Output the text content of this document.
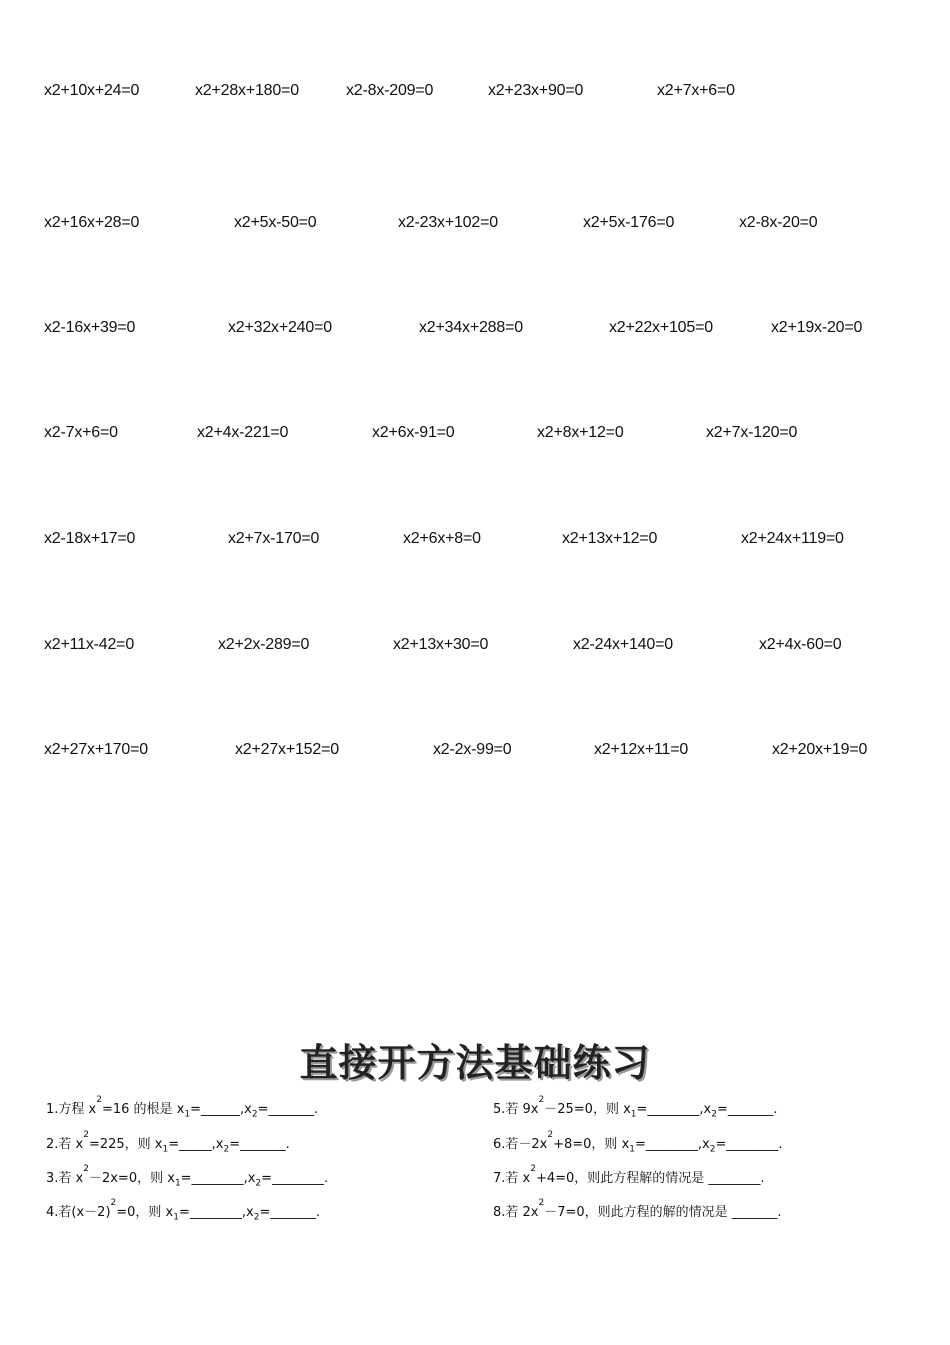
x2+10x+24=0	x2+28x+180=0	x2-8x-209=0	x2+23x+90=0	x2+7x+6=0
x2+16x+28=0	x2+5x-50=0	x2-23x+102=0	x2+5x-176=0	x2-8x-20=0
x2-16x+39=0	x2+32x+240=0	x2+34x+288=0	x2+22x+105=0	x2+19x-20=0
x2-7x+6=0	x2+4x-221=0	x2+6x-91=0	x2+8x+12=0	x2+7x-120=0
x2-18x+17=0	x2+7x-170=0	x2+6x+8=0	x2+13x+12=0	x2+24x+119=0
x2+11x-42=0	x2+2x-289=0	x2+13x+30=0	x2-24x+140=0	x2+4x-60=0
x2+27x+170=0	x2+27x+152=0	x2-2x-99=0	x2+12x+11=0	x2+20x+19=0
直接开方法基础练习
1.方程 $x^2=16$ 的根是 $x_1=\_\_\_\_\_\_,x_2=\_\_\_\_\_\_\_$.
2.若 $x^2=225$，则 $x_1=\_\_\_\_\_,x_2=\_\_\_\_\_\_\_$.
3.若 $x^2-2x=0$，则 $x_1=\_\_\_\_\_\_\_\_,x_2=\_\_\_\_\_\_\_\_$.
4.若$(x-2)^2=0$，则 $x_1=\_\_\_\_\_\_\_\_,x_2=\_\_\_\_\_\_\_$.
5.若 $9x^2-25=0$，则 $x_1=\_\_\_\_\_\_\_\_,x_2=\_\_\_\_\_\_\_$.
6.若$-2x^2+8=0$，则 $x_1=\_\_\_\_\_\_\_\_,x_2=\_\_\_\_\_\_\_\_$.
7.若 $x^2+4=0$，则此方程解的情况是 ________.
8.若 $2x^2-7=0$，则此方程的解的情况是 _______.
